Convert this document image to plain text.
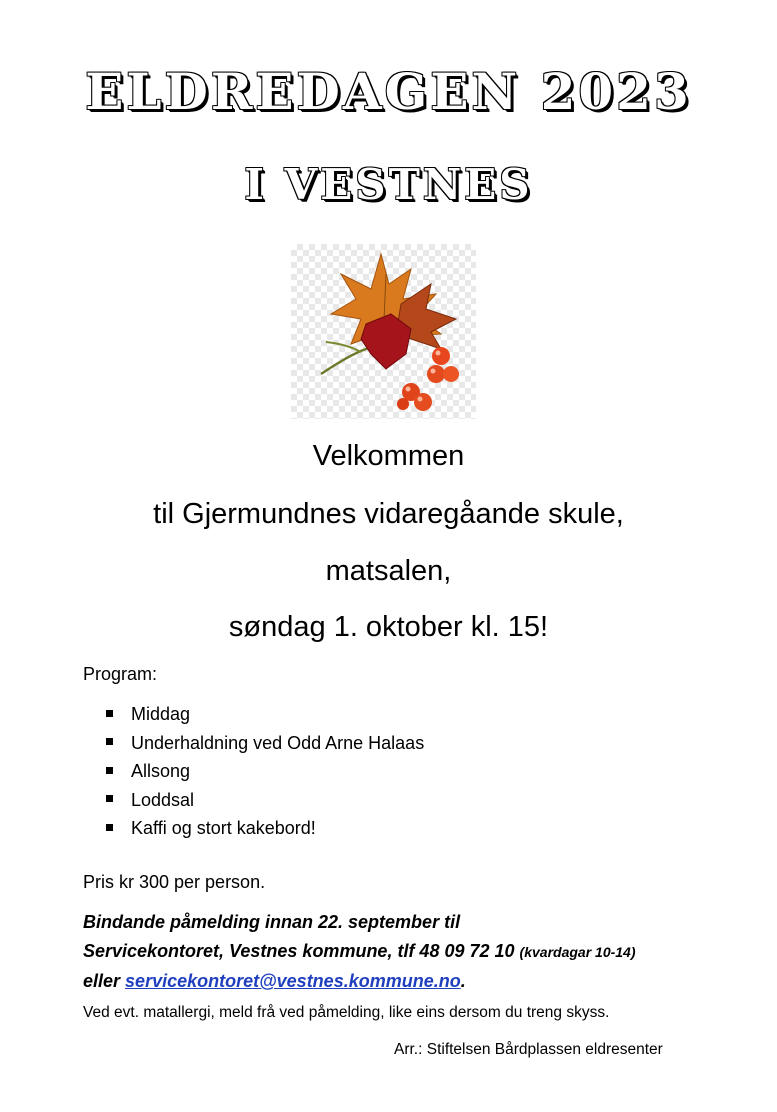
ELDREDAGEN 2023
I VESTNES
Velkommen
til Gjermundnes vidaregåande skule,
matsalen,
søndag 1. oktober kl. 15!
Program:
Middag
Underhaldning ved Odd Arne Halaas
Allsong
Loddsal
Kaffi og stort kakebord!
Pris kr 300 per person.
Bindande påmelding innan 22. september til
Servicekontoret, Vestnes kommune, tlf 48 09 72 10 (kvardagar 10-14)
eller servicekontoret@vestnes.kommune.no.
Ved evt. matallergi, meld frå ved påmelding, like eins dersom du treng skyss.
Arr.: Stiftelsen Bårdplassen eldresenter
